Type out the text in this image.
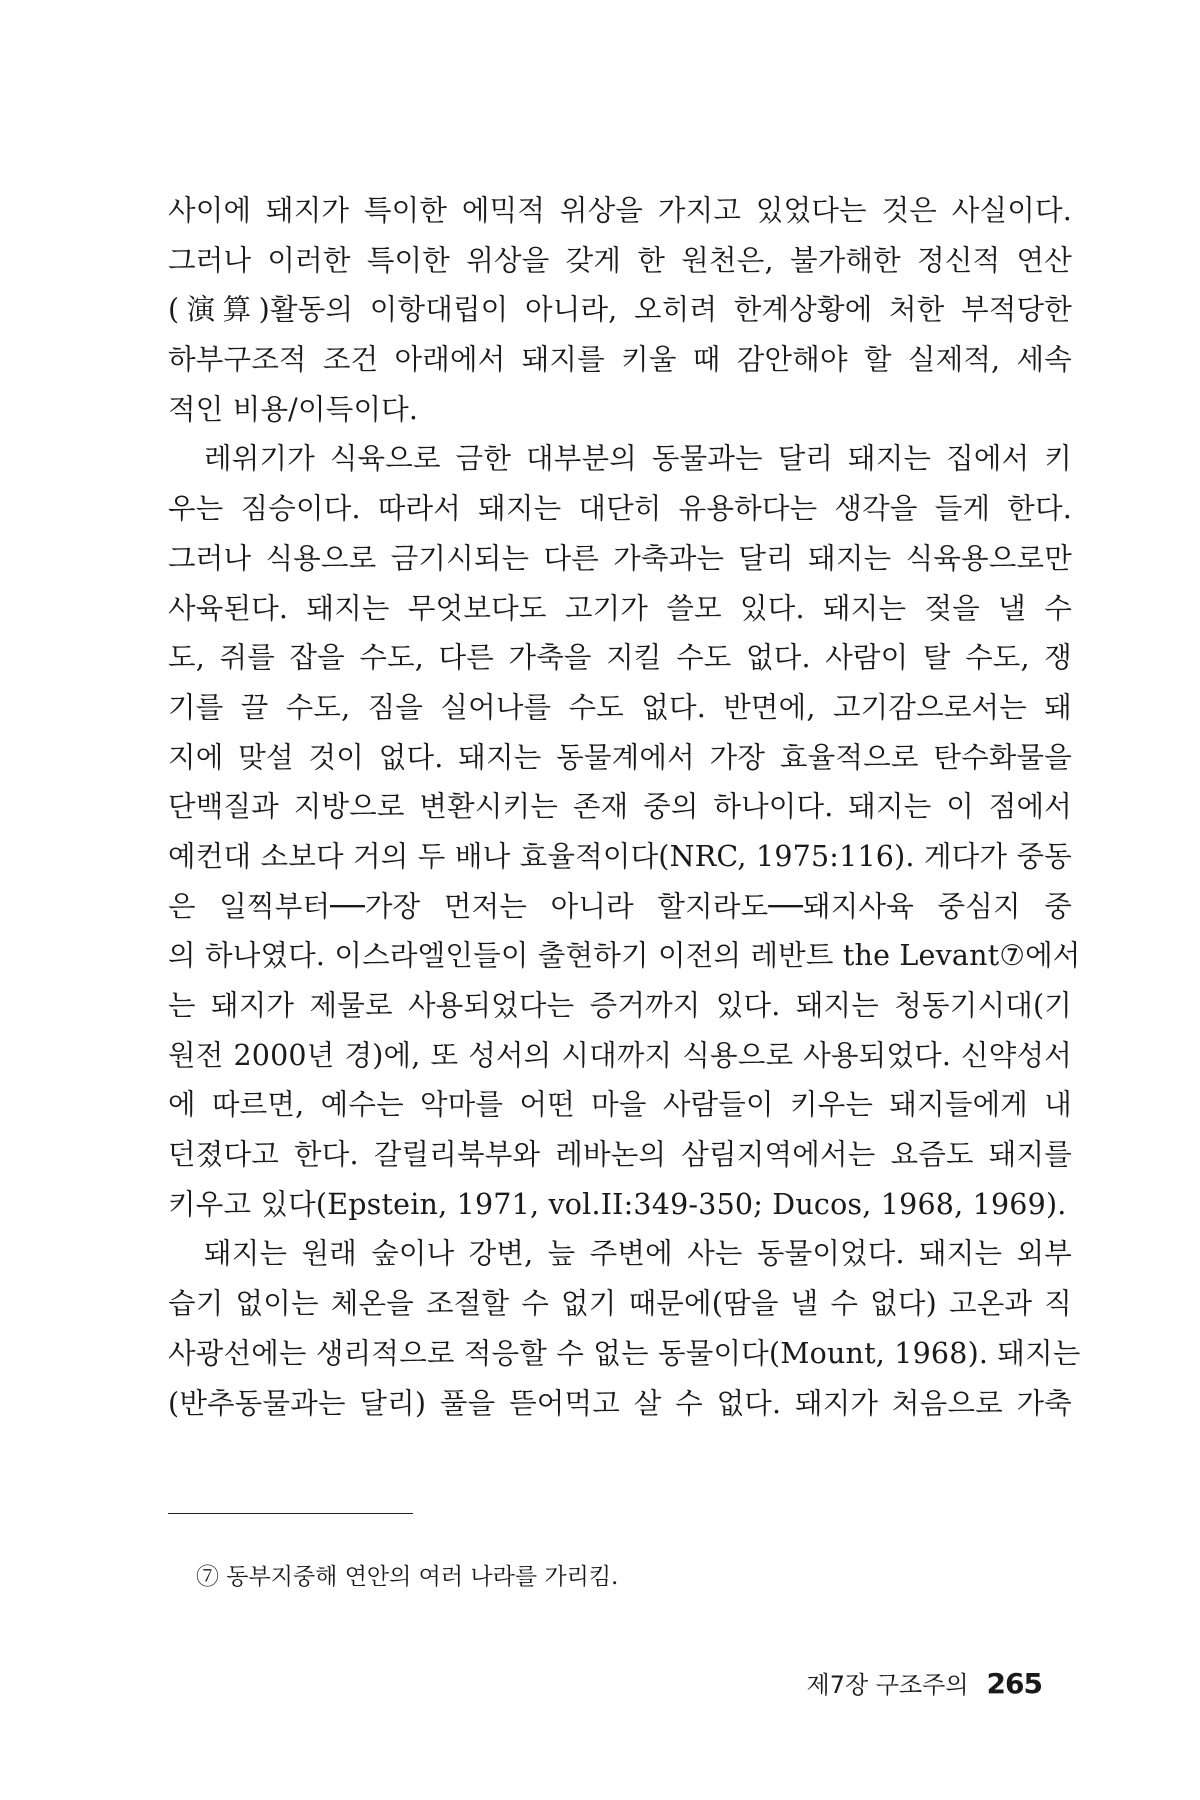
사이에 돼지가 특이한 에믹적 위상을 가지고 있었다는 것은 사실이다.
그러나 이러한 특이한 위상을 갖게 한 원천은, 불가해한 정신적 연산
(演算)활동의 이항대립이 아니라, 오히려 한계상황에 처한 부적당한
하부구조적 조건 아래에서 돼지를 키울 때 감안해야 할 실제적, 세속
적인 비용/이득이다.
레위기가 식육으로 금한 대부분의 동물과는 달리 돼지는 집에서 키
우는 짐승이다. 따라서 돼지는 대단히 유용하다는 생각을 들게 한다.
그러나 식용으로 금기시되는 다른 가축과는 달리 돼지는 식육용으로만
사육된다. 돼지는 무엇보다도 고기가 쓸모 있다. 돼지는 젖을 낼 수
도, 쥐를 잡을 수도, 다른 가축을 지킬 수도 없다. 사람이 탈 수도, 쟁
기를 끌 수도, 짐을 실어나를 수도 없다. 반면에, 고기감으로서는 돼
지에 맞설 것이 없다. 돼지는 동물계에서 가장 효율적으로 탄수화물을
단백질과 지방으로 변환시키는 존재 중의 하나이다. 돼지는 이 점에서
예컨대 소보다 거의 두 배나 효율적이다(NRC, 1975:116). 게다가 중동
은 일찍부터──가장 먼저는 아니라 할지라도──돼지사육 중심지 중
의 하나였다. 이스라엘인들이 출현하기 이전의 레반트 the Levant⑦에서
는 돼지가 제물로 사용되었다는 증거까지 있다. 돼지는 청동기시대(기
원전 2000년 경)에, 또 성서의 시대까지 식용으로 사용되었다. 신약성서
에 따르면, 예수는 악마를 어떤 마을 사람들이 키우는 돼지들에게 내
던졌다고 한다. 갈릴리북부와 레바논의 삼림지역에서는 요즘도 돼지를
키우고 있다(Epstein, 1971, vol.II:349-350; Ducos, 1968, 1969).
돼지는 원래 숲이나 강변, 늪 주변에 사는 동물이었다. 돼지는 외부
습기 없이는 체온을 조절할 수 없기 때문에(땀을 낼 수 없다) 고온과 직
사광선에는 생리적으로 적응할 수 없는 동물이다(Mount, 1968). 돼지는
(반추동물과는 달리) 풀을 뜯어먹고 살 수 없다. 돼지가 처음으로 가축
⑦ 동부지중해 연안의 여러 나라를 가리킴.
제7장 구조주의 265
